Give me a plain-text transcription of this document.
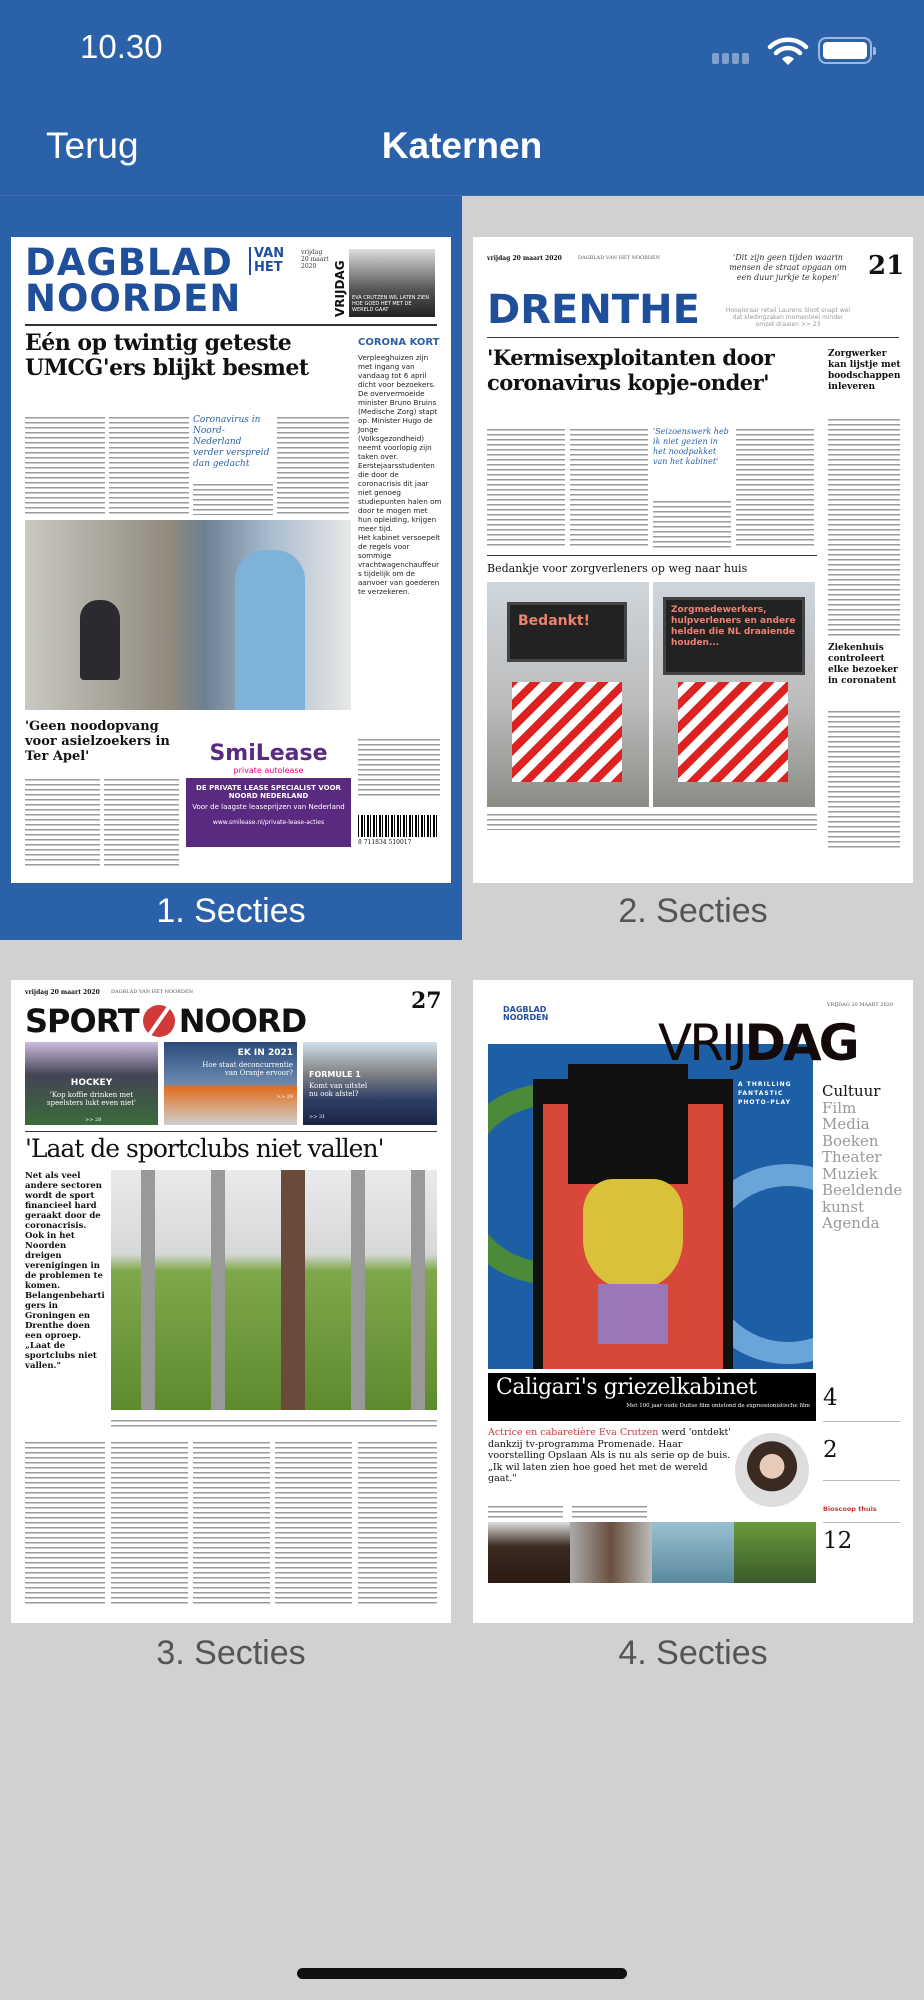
10.30
Terug	Katernen
DAGBLAD
NOORDEN
VAN
HET
vrijdag 20 maart 2020	VRIJDAG EVA CRUTZEN WIL LATEN ZIEN HOE GOED HET MET DE WERELD GAAT
Eén op twintig geteste UMCG'ers blijkt besmet
Coronavirus in Noord-Nederland verder verspreid dan gedacht
CORONA KORT
Verpleeghuizen zijn met ingang van vandaag tot 6 april dicht voor bezoekers.
De oververmoeide minister Bruno Bruins (Medische Zorg) stapt op. Minister Hugo de Jonge (Volksgezondheid) neemt voorlopig zijn taken over.
Eerstejaarsstudenten die door de coronacrisis dit jaar niet genoeg studiepunten halen om door te mogen met hun opleiding, krijgen meer tijd.
Het kabinet versoepelt de regels voor sommige vrachtwagenchauffeurs tijdelijk om de aanvoer van goederen te verzekeren.
'Geen noodopvang voor asielzoekers in Ter Apel'	SmiLease
private autolease
DE PRIVATE LEASE SPECIALIST VOOR NOORD NEDERLAND
Voor de laagste leaseprijzen van Nederland
www.smilease.nl/private-lease-acties
8 711834 510017
1. Secties
vrijdag 20 maart 2020	DAGBLAD VAN HET NOORDEN
DRENTHE
21
'Dit zijn geen tijden waarin mensen de straat opgaan om een duur jurkje te kopen'
Hoogleraar retail Laurens Sloot snapt wel dat kledingzaken momenteel minder omzet draaien >> 23
'Kermisexploitanten door coronavirus kopje-onder'
'Seizoenswerk heb ik niet gezien in het noodpakket van het kabinet'
Zorgwerker kan lijstje met boodschappen inleveren
Ziekenhuis controleert elke bezoeker in coronatent
Bedankje voor zorgverleners op weg naar huis
Bedankt!
Zorgmedewerkers, hulpverleners en andere helden die NL draaiende houden...
2. Secties
vrijdag 20 maart 2020 DAGBLAD VAN HET NOORDEN	27
SPORT NOORD
HOCKEY
'Kop koffie drinken met speelsters lukt even niet'
>> 28
EK IN 2021
Hoe staat deconcurrentie van Oranje ervoor?
>> 29
FORMULE 1
Komt van uitstel nu ook afstel?
>> 31
'Laat de sportclubs niet vallen'
Net als veel andere sectoren wordt de sport financieel hard geraakt door de coronacrisis. Ook in het Noorden dreigen verenigingen in de problemen te komen. Belangenbehartigers in Groningen en Drenthe doen een oproep. „Laat de sportclubs niet vallen."
3. Secties
DAGBLAD NOORDEN
VRIJDAG 20 MAART 2020
A THRILLING FANTASTIC PHOTO-PLAY
VRIJDAG
Cultuur
Film
Media
Boeken
Theater
Muziek
Beeldende kunst
Agenda
Caligari's griezelkabinet
Met 100 jaar oude Duitse film ontstond de expressionistische film
Actrice en cabaretière Eva Crutzen werd 'ontdekt' dankzij tv-programma Promenade. Haar voorstelling Opslaan Als is nu als serie op de buis. „Ik wil laten zien hoe goed het met de wereld gaat."
4
2
Bioscoop thuis
12
4. Secties
